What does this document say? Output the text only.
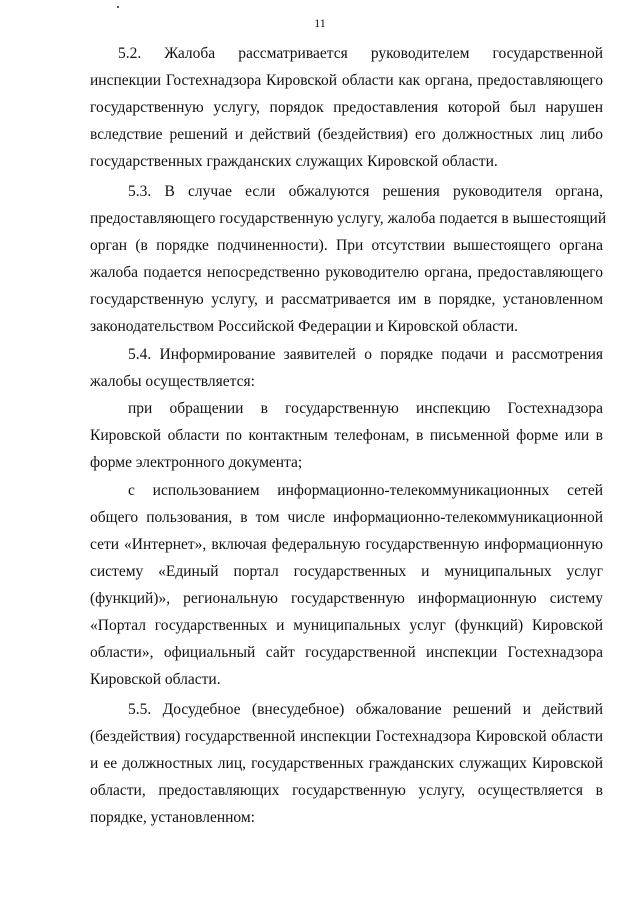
11
5.2. Жалоба рассматривается руководителем государственной
инспекции Гостехнадзора Кировской области как органа, предоставляющего
государственную услугу, порядок предоставления которой был нарушен
вследствие решений и действий (бездействия) его должностных лиц либо
государственных гражданских служащих Кировской области.
5.3. В случае если обжалуются решения руководителя органа,
предоставляющего государственную услугу, жалоба подается в вышестоящий
орган (в порядке подчиненности). При отсутствии вышестоящего органа
жалоба подается непосредственно руководителю органа, предоставляющего
государственную услугу, и рассматривается им в порядке, установленном
законодательством Российской Федерации и Кировской области.
5.4. Информирование заявителей о порядке подачи и рассмотрения
жалобы осуществляется:
при обращении в государственную инспекцию Гостехнадзора
Кировской области по контактным телефонам, в письменной форме или в
форме электронного документа;
с использованием информационно-телекоммуникационных сетей
общего пользования, в том числе информационно-телекоммуникационной
сети «Интернет», включая федеральную государственную информационную
систему «Единый портал государственных и муниципальных услуг
(функций)», региональную государственную информационную систему
«Портал государственных и муниципальных услуг (функций) Кировской
области», официальный сайт государственной инспекции Гостехнадзора
Кировской области.
5.5. Досудебное (внесудебное) обжалование решений и действий
(бездействия) государственной инспекции Гостехнадзора Кировской области
и ее должностных лиц, государственных гражданских служащих Кировской
области, предоставляющих государственную услугу, осуществляется в
порядке, установленном:
